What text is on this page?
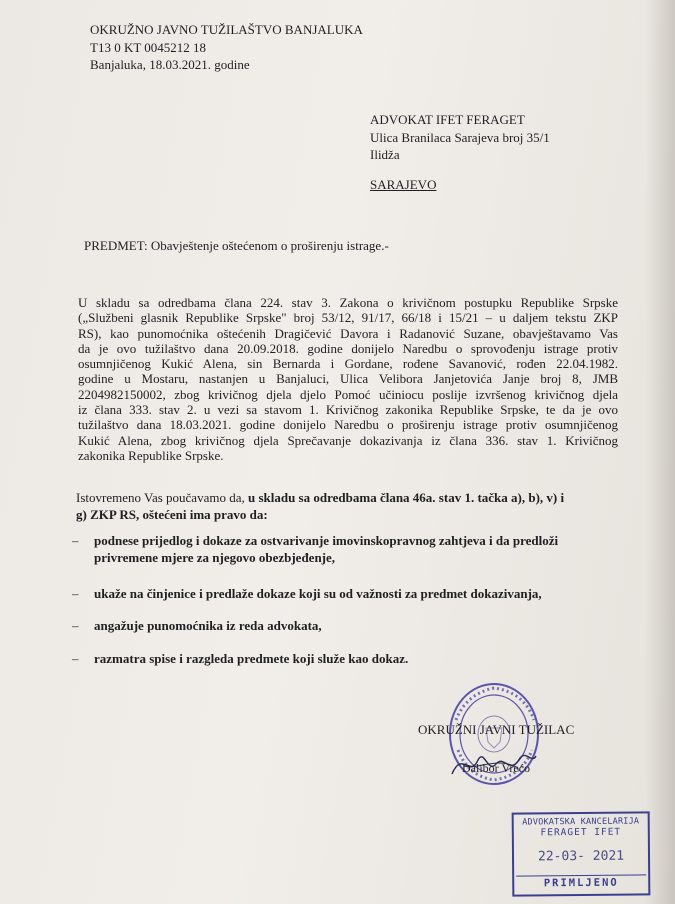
OKRUŽNO JAVNO TUŽILAŠTVO BANJALUKA
T13 0 KT 0045212 18
Banjaluka, 18.03.2021. godine
ADVOKAT IFET FERAGET
Ulica Branilaca Sarajeva broj 35/1
Ilidža
SARAJEVO
PREDMET: Obavještenje oštećenom o proširenju istrage.-
U skladu sa odredbama člana 224. stav 3. Zakona o krivičnom postupku Republike Srpske
(„Službeni glasnik Republike Srpske" broj 53/12, 91/17, 66/18 i 15/21 – u daljem tekstu ZKP
RS), kao punomoćnika oštećenih Dragičević Davora i Radanović Suzane, obavještavamo Vas
da je ovo tužilaštvo dana 20.09.2018. godine donijelo Naredbu o sprovođenju istrage protiv
osumnjičenog Kukić Alena, sin Bernarda i Gordane, rođene Savanović, rođen 22.04.1982.
godine u Mostaru, nastanjen u Banjaluci, Ulica Velibora Janjetovića Janje broj 8, JMB
2204982150002, zbog krivičnog djela djelo Pomoć učiniocu poslije izvršenog krivičnog djela
iz člana 333. stav 2. u vezi sa stavom 1. Krivičnog zakonika Republike Srpske, te da je ovo
tužilaštvo dana 18.03.2021. godine donijelo Naredbu o proširenju istrage protiv osumnjičenog
Kukić Alena, zbog krivičnog djela Sprečavanje dokazivanja iz člana 336. stav 1. Krivičnog
zakonika Republike Srpske.
Istovremeno Vas poučavamo da, u skladu sa odredbama člana 46a. stav 1. tačka a), b), v) i
g) ZKP RS, oštećeni ima pravo da:
– podnese prijedlog i dokaze za ostvarivanje imovinskopravnog zahtjeva i da predloži
privremene mjere za njegovo obezbjeđenje,
– ukaže na činjenice i predlaže dokaze koji su od važnosti za predmet dokazivanja,
– angažuje punomoćnika iz reda advokata,
– razmatra spise i razgleda predmete koji služe kao dokaz.
OKRUŽNI JAVNI TUŽILAC
Dalibor Vrećo
ADVOKATSKA KANCELARIJA
FERAGET IFET
22-03- 2021
PRIMLJENO
